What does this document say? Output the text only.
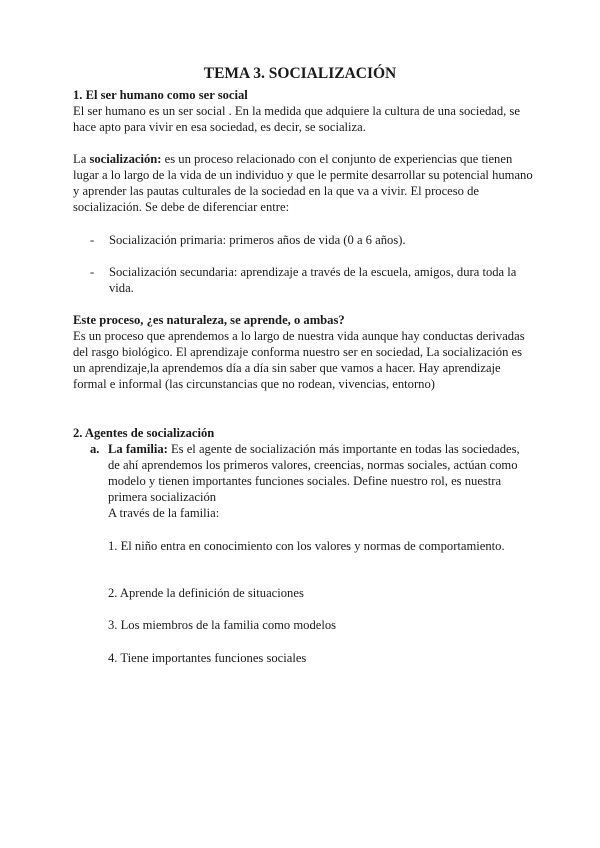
TEMA 3. SOCIALIZACIÓN
1. El ser humano como ser social

El ser humano es un ser social . En la medida que adquiere la cultura de una sociedad, se hace apto para vivir en esa sociedad, es decir, se socializa.

La socialización: es un proceso relacionado con el conjunto de experiencias que tienen lugar a lo largo de la vida de un individuo y que le permite desarrollar su potencial humano y aprender las pautas culturales de la sociedad en la que va a vivir. El proceso de socialización. Se debe de diferenciar entre:

-	Socialización primaria: primeros años de vida (0 a 6 años).
-	Socialización secundaria: aprendizaje a través de la escuela, amigos, dura toda la vida.
Este proceso, ¿es naturaleza, se aprende, o ambas?

Es un proceso que aprendemos a lo largo de nuestra vida aunque hay conductas derivadas del rasgo biológico. El aprendizaje conforma nuestro ser en sociedad, La socialización es un aprendizaje,la aprendemos día a día sin saber que vamos a hacer. Hay aprendizaje formal e informal (las circunstancias que no rodean, vivencias, entorno)

2. Agentes de socialización
a. La familia: Es el agente de socialización más importante en todas las sociedades, de ahí aprendemos los primeros valores, creencias, normas sociales, actúan como modelo y tienen importantes funciones sociales. Define nuestro rol, es nuestra primera socialización
A través de la familia:
1. El niño entra en conocimiento con los valores y normas de comportamiento.
2. Aprende la definición de situaciones
3. Los miembros de la familia como modelos
4. Tiene importantes funciones sociales
